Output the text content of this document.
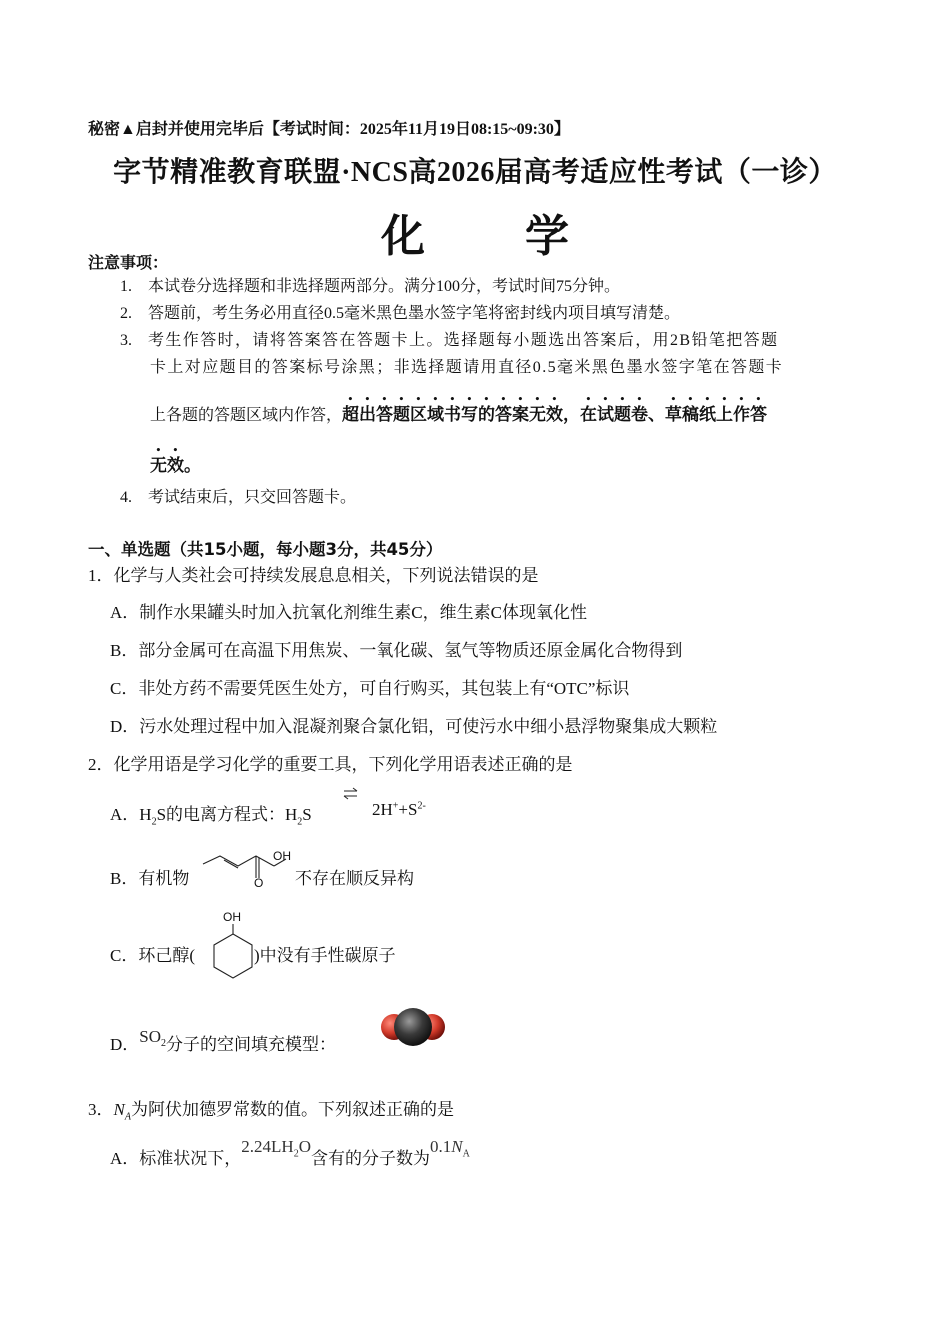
秘密▲启封并使用完毕后【考试时间：2025年11月19日08:15~09:30】
字节精准教育联盟·NCS高2026届高考适应性考试（一诊）
化 学
注意事项：
1. 本试卷分选择题和非选择题两部分。满分100分，考试时间75分钟。
2. 答题前，考生务必用直径0.5毫米黑色墨水签字笔将密封线内项目填写清楚。
3. 考生作答时，请将答案答在答题卡上。选择题每小题选出答案后，用2B铅笔把答题
卡上对应题目的答案标号涂黑；非选择题请用直径0.5毫米黑色墨水签字笔在答题卡
上各题的答题区域内作答，超出答题区域书写的答案无效，在试题卷、草稿纸上作答
无效。
4. 考试结束后，只交回答题卡。
一、单选题（共15小题，每小题3分，共45分）
1．化学与人类社会可持续发展息息相关，下列说法错误的是
A．制作水果罐头时加入抗氧化剂维生素C，维生素C体现氧化性
B．部分金属可在高温下用焦炭、一氧化碳、氢气等物质还原金属化合物得到
C．非处方药不需要凭医生处方，可自行购买，其包装上有“OTC”标识
D．污水处理过程中加入混凝剂聚合氯化铝，可使污水中细小悬浮物聚集成大颗粒
2．化学用语是学习化学的重要工具，下列化学用语表述正确的是
A．$H_2S$的电离方程式：$H_2S$	$2H^++S^{2-}$
B．有机物
OH
O 不存在顺反异构
C．环己醇(
OH
)中没有手性碳原子
D．$SO_2$分子的空间填充模型：
3．$N_A$为阿伏加德罗常数的值。下列叙述正确的是
A．标准状况下，$2.24LH_2O$含有的分子数为$0.1N_A$
